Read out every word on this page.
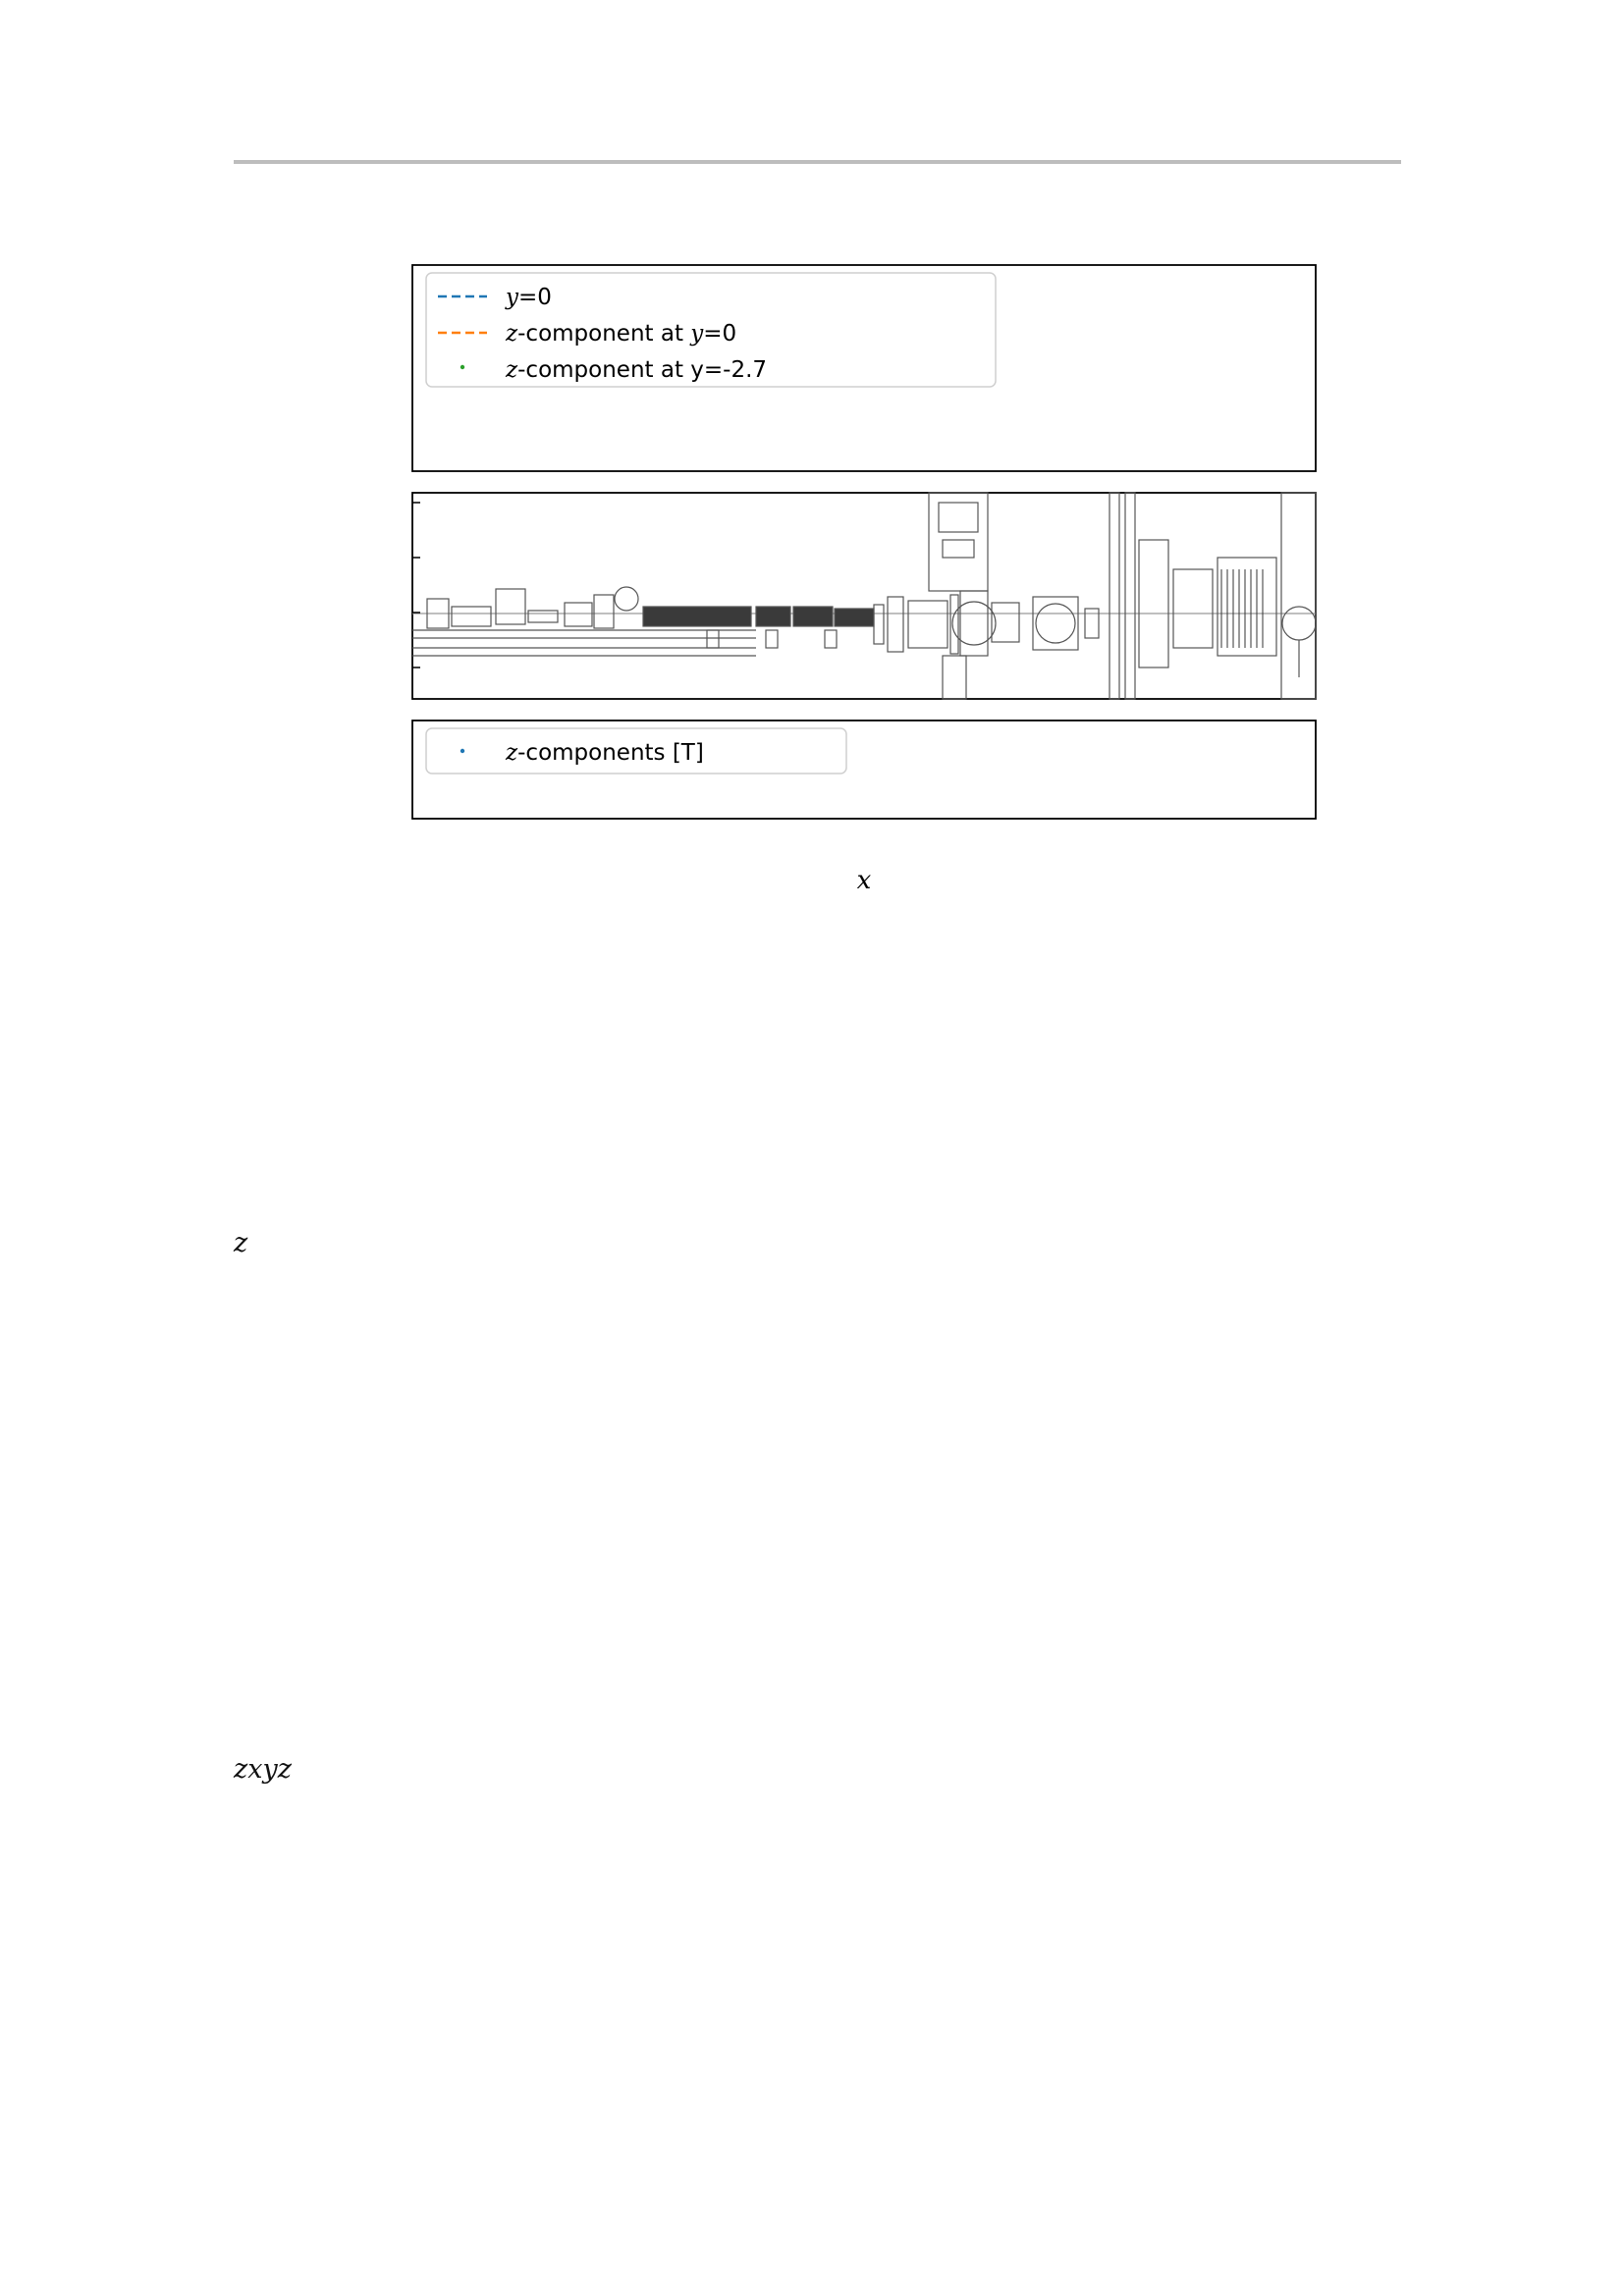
y=0
z-component at y=0
z-component at y=-2.7
z-components [T]
x

z
zxyz
